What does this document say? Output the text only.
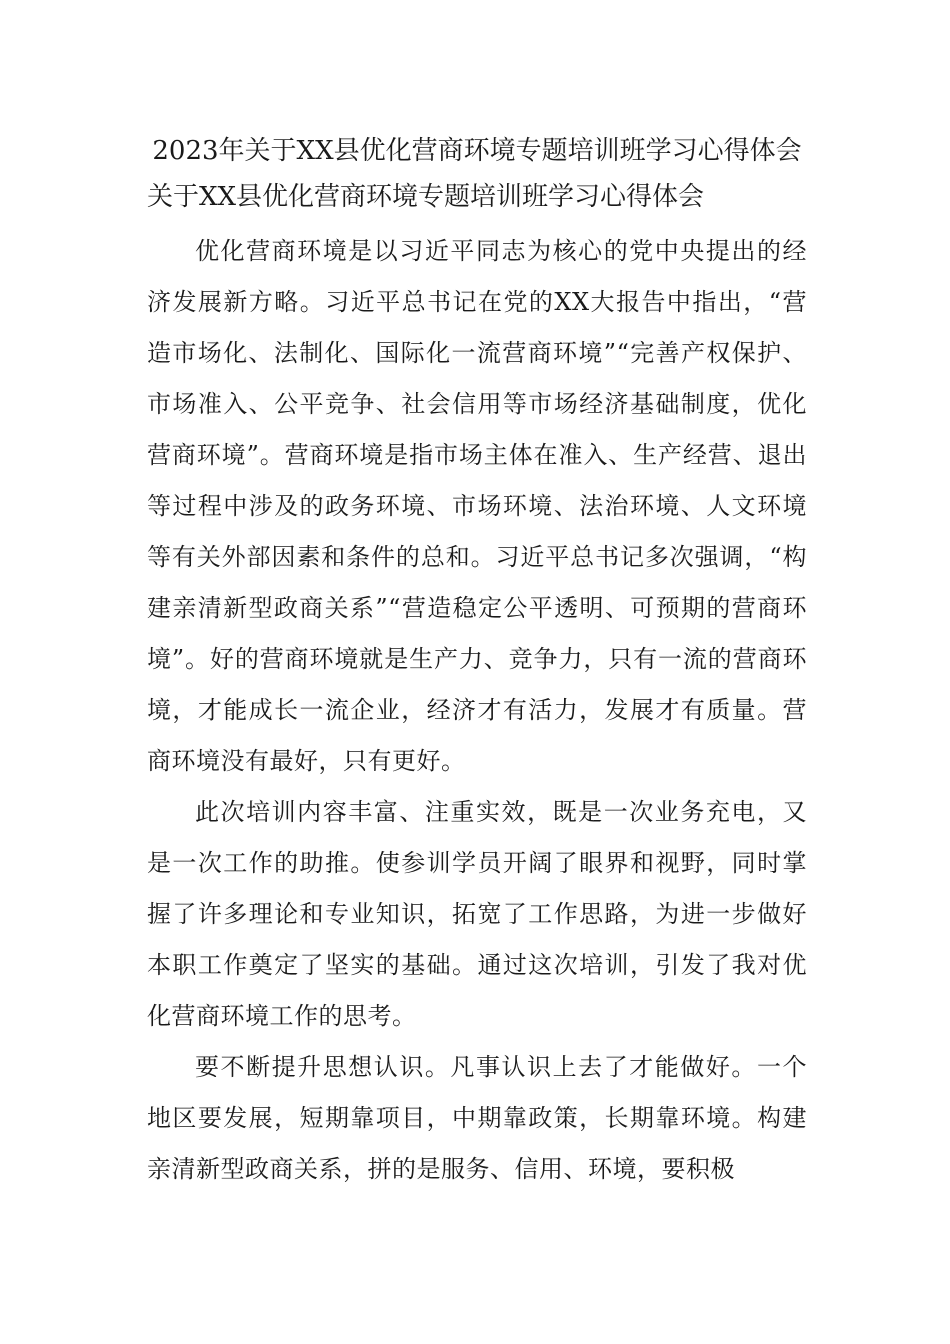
2023年关于XX县优化营商环境专题培训班学习心得体会
关于XX县优化营商环境专题培训班学习心得体会

优化营商环境是以习近平同志为核心的党中央提出的经济发展新方略。习近平总书记在党的XX大报告中指出，“营造市场化、法制化、国际化一流营商环境”“完善产权保护、市场准入、公平竞争、社会信用等市场经济基础制度，优化营商环境”。营商环境是指市场主体在准入、生产经营、退出等过程中涉及的政务环境、市场环境、法治环境、人文环境等有关外部因素和条件的总和。习近平总书记多次强调，“构建亲清新型政商关系”“营造稳定公平透明、可预期的营商环境”。好的营商环境就是生产力、竞争力，只有一流的营商环境，才能成长一流企业，经济才有活力，发展才有质量。营商环境没有最好，只有更好。

此次培训内容丰富、注重实效，既是一次业务充电，又是一次工作的助推。使参训学员开阔了眼界和视野，同时掌握了许多理论和专业知识，拓宽了工作思路，为进一步做好本职工作奠定了坚实的基础。通过这次培训，引发了我对优化营商环境工作的思考。

要不断提升思想认识。凡事认识上去了才能做好。一个地区要发展，短期靠项目，中期靠政策，长期靠环境。构建亲清新型政商关系，拼的是服务、信用、环境，要积极
